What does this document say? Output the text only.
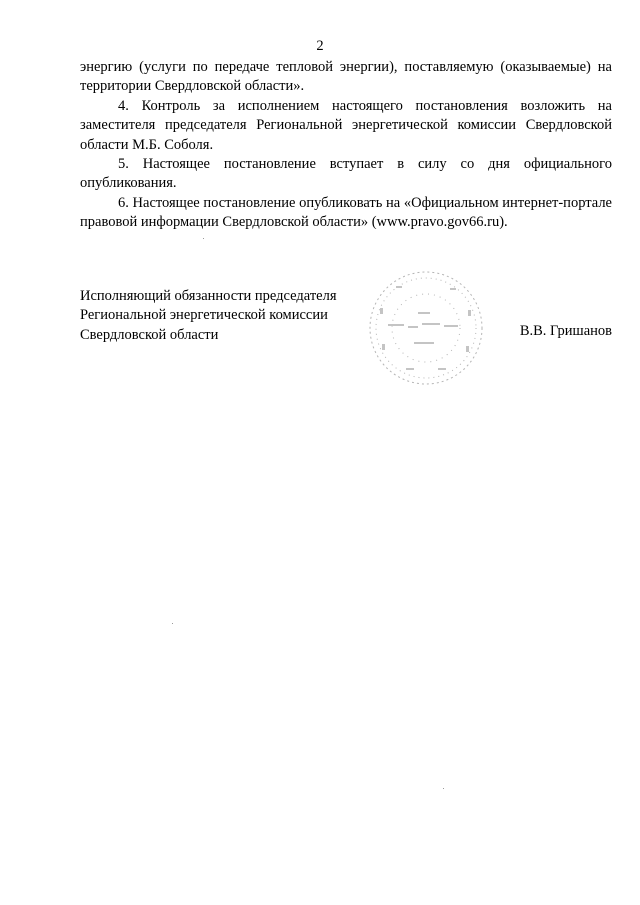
2

энергию (услуги по передаче тепловой энергии), поставляемую (оказываемые) на территории Свердловской области».

4. Контроль за исполнением настоящего постановления возложить на заместителя председателя Региональной энергетической комиссии Свердловской области М.Б. Соболя.

5. Настоящее постановление вступает в силу со дня официального опубликования.

6. Настоящее постановление опубликовать на «Официальном интернет-портале правовой информации Свердловской области» (www.pravo.gov66.ru).

Исполняющий обязанности председателя
Региональной энергетической комиссии
Свердловской области	В.В. Гришанов
